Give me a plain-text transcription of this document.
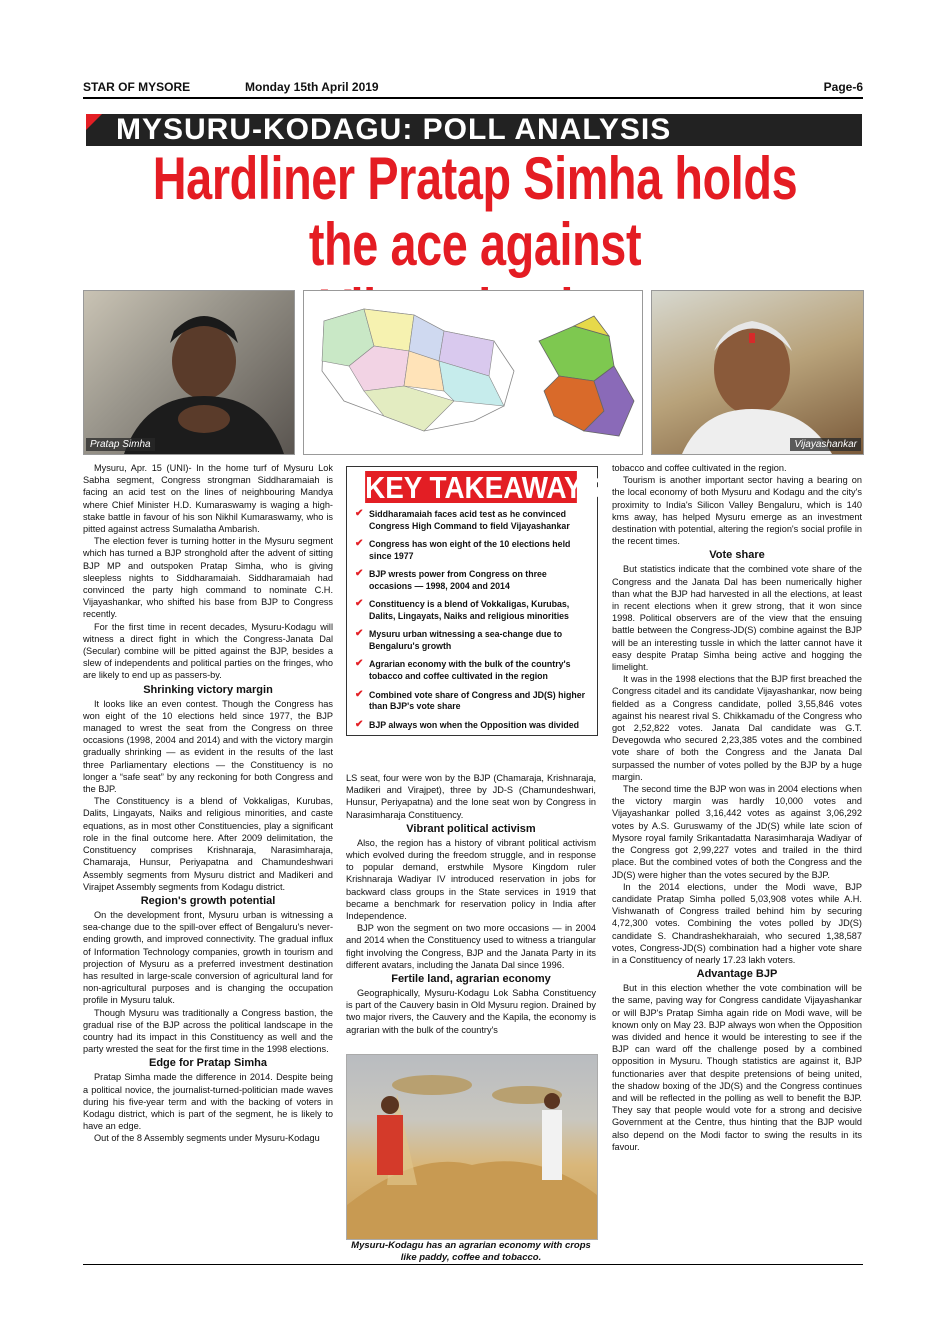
STAR OF MYSORE	Monday 15th April 2019	Page-6
MYSURU-KODAGU: POLL ANALYSIS
Hardliner Pratap Simha holds
the ace against
Pratap Simha	Vijayashankar

Mysuru, Apr. 15 (UNI)- In the home turf of Mysuru Lok Sabha segment, Congress strongman Siddharamaiah is facing an acid test on the lines of neighbouring Mandya where Chief Minister H.D. Kumaraswamy is waging a high-stake battle in favour of his son Nikhil Kumaraswamy, who is pitted against actress Sumalatha Ambarish.

The election fever is turning hotter in the Mysuru segment which has turned a BJP stronghold after the advent of sitting BJP MP and outspoken Pratap Simha, who is giving sleepless nights to Siddharamaiah. Siddharamaiah had convinced the party high command to nominate C.H. Vijayashankar, who shifted his base from BJP to Congress recently.

For the first time in recent decades, Mysuru-Kodagu will witness a direct fight in which the Congress-Janata Dal (Secular) combine will be pitted against the BJP, besides a slew of independents and political parties on the fringes, who are likely to end up as passers-by.

Shrinking victory margin

It looks like an even contest. Though the Congress has won eight of the 10 elections held since 1977, the BJP managed to wrest the seat from the Congress on three occasions (1998, 2004 and 2014) and with the victory margin gradually shrinking — as evident in the results of the last three Parliamentary elections — the Constituency is no longer a “safe seat” by any reckoning for both Congress and the BJP.

The Constituency is a blend of Vokkaligas, Kurubas, Dalits, Lingayats, Naiks and religious minorities, and caste equations, as in most other Constituencies, play a significant role in the final outcome here. After 2009 delimitation, the Constituency comprises Krishnaraja, Narasimharaja, Chamaraja, Hunsur, Periyapatna and Chamundeshwari Assembly segments from Mysuru district and Madikeri and Virajpet Assembly segments from Kodagu district.

Region's growth potential

On the development front, Mysuru urban is witnessing a sea-change due to the spill-over effect of Bengaluru's never-ending growth, and improved connectivity. The gradual influx of Information Technology companies, growth in tourism and projection of Mysuru as a preferred investment destination has resulted in large-scale conversion of agricultural land for non-agricultural purposes and is changing the occupation profile in Mysuru taluk.

Though Mysuru was traditionally a Congress bastion, the gradual rise of the BJP across the political landscape in the country had its impact in this Constituency as well and the party wrested the seat for the first time in the 1998 elections.

Edge for Pratap Simha

Pratap Simha made the difference in 2014. Despite being a political novice, the journalist-turned-politician made waves during his five-year term and with the backing of voters in Kodagu district, which is part of the segment, he is likely to have an edge.

Out of the 8 Assembly segments under Mysuru-Kodagu

KEY TAKEAWAYS
✔ Siddharamaiah faces acid test as he convinced Congress High Command to field Vijayashankar
✔ Congress has won eight of the 10 elections held since 1977
✔ BJP wrests power from Congress on three occasions — 1998, 2004 and 2014
✔ Constituency is a blend of Vokkaligas, Kurubas, Dalits, Lingayats, Naiks and religious minorities
✔ Mysuru urban witnessing a sea-change due to Bengaluru's growth
✔ Agrarian economy with the bulk of the country's tobacco and coffee cultivated in the region
✔ Combined vote share of Congress and JD(S) higher than BJP's vote share
✔ BJP always won when the Opposition was divided

LS seat, four were won by the BJP (Chamaraja, Krishnaraja, Madikeri and Virajpet), three by JD-S (Chamundeshwari, Hunsur, Periyapatna) and the lone seat won by Congress in Narasimharaja Constituency.

Vibrant political activism

Also, the region has a history of vibrant political activism which evolved during the freedom struggle, and in response to popular demand, erstwhile Mysore Kingdom ruler Krishnaraja Wadiyar IV introduced reservation in jobs for backward class groups in the State services in 1919 that became a benchmark for reservation policy in India after Independence.

BJP won the segment on two more occasions — in 2004 and 2014 when the Constituency used to witness a triangular fight involving the Congress, BJP and the Janata Party in its different avatars, including the Janata Dal since 1996.

Fertile land, agrarian economy

Geographically, Mysuru-Kodagu Lok Sabha Constituency is part of the Cauvery basin in Old Mysuru region. Drained by two major rivers, the Cauvery and the Kapila, the economy is agrarian with the bulk of the country's

Mysuru-Kodagu has an agrarian economy with crops like paddy, coffee and tobacco.

tobacco and coffee cultivated in the region.

Tourism is another important sector having a bearing on the local economy of both Mysuru and Kodagu and the city's proximity to India's Silicon Valley Bengaluru, which is 140 kms away, has helped Mysuru emerge as an investment destination with potential, altering the region's social profile in the recent times.

Vote share

But statistics indicate that the combined vote share of the Congress and the Janata Dal has been numerically higher than what the BJP had harvested in all the elections, at least in recent elections when it grew strong, that it won since 1998. Political observers are of the view that the ensuing battle between the Congress-JD(S) combine against the BJP will be an interesting tussle in which the latter cannot have it easy despite Pratap Simha being active and hogging the limelight.

It was in the 1998 elections that the BJP first breached the Congress citadel and its candidate Vijayashankar, now being fielded as a Congress candidate, polled 3,55,846 votes against his nearest rival S. Chikkamadu of the Congress who got 2,52,822 votes. Janata Dal candidate was G.T. Devegowda who secured 2,23,385 votes and the combined vote share of both the Congress and the Janata Dal surpassed the number of votes polled by the BJP by a huge margin.

The second time the BJP won was in 2004 elections when the victory margin was hardly 10,000 votes and Vijayashankar polled 3,16,442 votes as against 3,06,292 votes by A.S. Guruswamy of the JD(S) while late scion of Mysore royal family Srikantadatta Narasimharaja Wadiyar of the Congress got 2,99,227 votes and trailed in the third place. But the combined votes of both the Congress and the JD(S) were higher than the votes secured by the BJP.

In the 2014 elections, under the Modi wave, BJP candidate Pratap Simha polled 5,03,908 votes while A.H. Vishwanath of Congress trailed behind him by securing 4,72,300 votes. Combining the votes polled by JD(S) candidate S. Chandrashekharaiah, who secured 1,38,587 votes, Congress-JD(S) combination had a higher vote share in a Constituency of nearly 17.23 lakh voters.

Advantage BJP

But in this election whether the vote combination will be the same, paving way for Congress candidate Vijayashankar or will BJP's Pratap Simha again ride on Modi wave, will be known only on May 23. BJP always won when the Opposition was divided and hence it would be interesting to see if the BJP can ward off the challenge posed by a combined opposition in Mysuru. Though statistics are against it, BJP functionaries aver that despite pretensions of being united, the shadow boxing of the JD(S) and the Congress continues and will be reflected in the polling as well to benefit the BJP. They say that people would vote for a strong and decisive Government at the Centre, thus hinting that the BJP would also depend on the Modi factor to swing the results in its favour.
